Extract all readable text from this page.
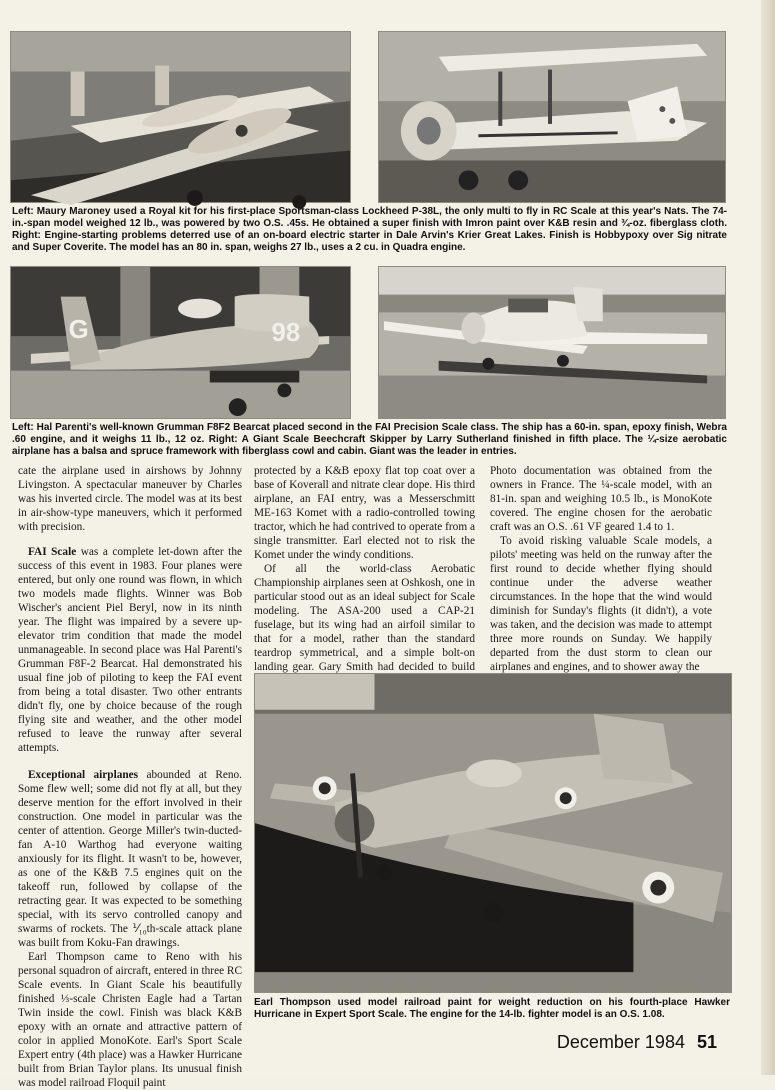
Left: Maury Maroney used a Royal kit for his first-place Sportsman-class Lockheed P-38L, the only multi to fly in RC Scale at this year's Nats. The 74-in.-span model weighed 12 lb., was powered by two O.S. .45s. He obtained a super finish with Imron paint over K&B resin and ¾-oz. fiberglass cloth. Right: Engine-starting problems deterred use of an on-board electric starter in Dale Arvin's Krier Great Lakes. Finish is Hobbypoxy over Sig nitrate and Super Coverite. The model has an 80 in. span, weighs 27 lb., uses a 2 cu. in Quadra engine.
G	98
Left: Hal Parenti's well-known Grumman F8F2 Bearcat placed second in the FAI Precision Scale class. The ship has a 60-in. span, epoxy finish, Webra .60 engine, and it weighs 11 lb., 12 oz. Right: A Giant Scale Beechcraft Skipper by Larry Sutherland finished in fifth place. The ¼-size aerobatic airplane has a balsa and spruce framework with fiberglass cowl and cabin. Giant was the leader in entries.

cate the airplane used in airshows by Johnny Livingston. A spectacular maneuver by Charles was his inverted circle. The model was at its best in air-show-type maneuvers, which it performed with precision.

FAI Scale was a complete let-down after the success of this event in 1983. Four planes were entered, but only one round was flown, in which two models made flights. Winner was Bob Wischer's ancient Piel Beryl, now in its ninth year. The flight was impaired by a severe up-elevator trim condition that made the model unmanageable. In second place was Hal Parenti's Grumman F8F-2 Bearcat. Hal demonstrated his usual fine job of piloting to keep the FAI event from being a total disaster. Two other entrants didn't fly, one by choice because of the rough flying site and weather, and the other model refused to leave the runway after several attempts.

Exceptional airplanes abounded at Reno. Some flew well; some did not fly at all, but they deserve mention for the effort involved in their construction. One model in particular was the center of attention. George Miller's twin-ducted-fan A-10 Warthog had everyone waiting anxiously for its flight. It wasn't to be, however, as one of the K&B 7.5 engines quit on the takeoff run, followed by collapse of the retracting gear. It was expected to be something special, with its servo controlled canopy and swarms of rockets. The ⅟₁₀th-scale attack plane was built from Koku-Fan drawings.

Earl Thompson came to Reno with his personal squadron of aircraft, entered in three RC Scale events. In Giant Scale his beautifully finished ⅓-scale Christen Eagle had a Tartan Twin inside the cowl. Finish was black K&B epoxy with an ornate and attractive pattern of color in applied MonoKote. Earl's Sport Scale Expert entry (4th place) was a Hawker Hurricane built from Brian Taylor plans. Its unusual finish was model railroad Floquil paint

protected by a K&B epoxy flat top coat over a base of Koverall and nitrate clear dope. His third airplane, an FAI entry, was a Messerschmitt ME-163 Komet with a radio-controlled towing tractor, which he had contrived to operate from a single transmitter. Earl elected not to risk the Komet under the windy conditions.

Of all the world-class Aerobatic Championship airplanes seen at Oshkosh, one in particular stood out as an ideal subject for Scale modeling. The ASA-200 used a CAP-21 fuselage, but its wing had an airfoil similar to that for a model, rather than the standard teardrop symmetrical, and a simple bolt-on landing gear. Gary Smith had decided to build

Photo documentation was obtained from the owners in France. The ¼-scale model, with an 81-in. span and weighing 10.5 lb., is MonoKote covered. The engine chosen for the aerobatic craft was an O.S. .61 VF geared 1.4 to 1.

To avoid risking valuable Scale models, a pilots' meeting was held on the runway after the first round to decide whether flying should continue under the adverse weather circumstances. In the hope that the wind would diminish for Sunday's flights (it didn't), a vote was taken, and the decision was made to attempt three more rounds on Sunday. We happily departed from the dust storm to clean our airplanes and engines, and to shower away the

Earl Thompson used model railroad paint for weight reduction on his fourth-place Hawker Hurricane in Expert Sport Scale. The engine for the 14-lb. fighter model is an O.S. 1.08.
December 1984 51
